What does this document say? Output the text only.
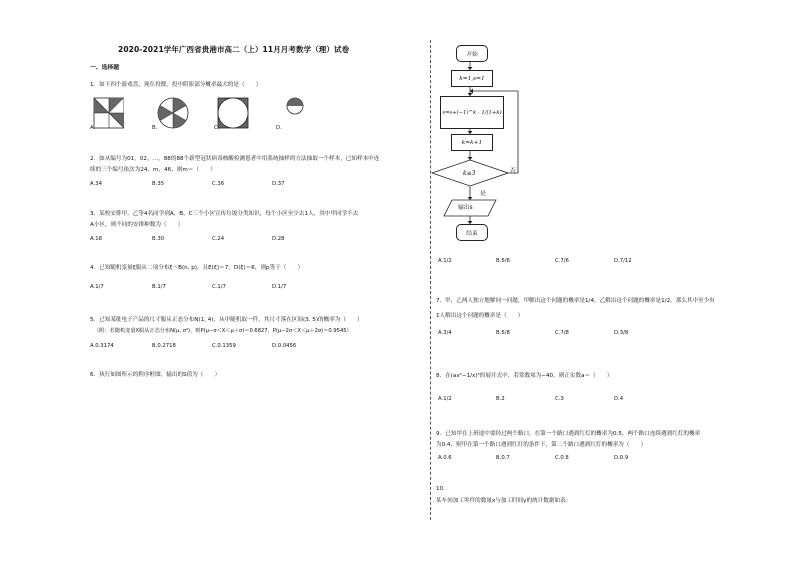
2020-2021学年广西省贵港市高二（上）11月月考数学（理）试卷
一、选择题
1．如下四个游戏盘，现在投镖，投中阴影部分概率最大的是（　　）
A.	B.	C.	D.
2．如从编号为01，02，…，88的88个新型冠状病毒核酸检测患者中用系统抽样的方法抽取一个样本，已知样本中连
续的三个编号依次为24，m，46，则m＝（　　）
A.34	B.35	C.36	D.37
3．某校安排甲、乙等4名同学到A，B，C三个小区宣传垃圾分类知识，每个小区至少去1人，其中甲同学不去
A小区，则不同的安排种数为（　　）
A.18	B.30	C.24	D.28
4．已知随机变量ξ服从二项分布ξ～B(n, p)，且E(ξ)＝7，D(ξ)＝6，则p等于（　　）
A.1/7	B.1/7	C.1/7	D.1/7
5．已知某批电子产品的尺寸服从正态分布N(1, 4)，从中随机取一件，其尺寸落在区间(3, 5)的概率为（　　）
（附：若随机变量X服从正态分布N(μ, σ²)，则P(μ−σ＜X＜μ＋σ)＝0.6827，P(μ−2σ＜X＜μ＋2σ)＝0.9545）
A.0.3174	B.0.2718	C.0.1359	D.0.0456
6．执行如图所示的程序框图，输出的S值为（　　）
开始
k=1,s=1
s=s+(−1)^k · 1/(1+k)
k=k+1
k≥3
是
否
输出s
结束
A.1/2	B.5/6	C.7/6	D.7/12
7．甲，乙两人独立地解同一问题，甲解出这个问题的概率是1/4，乙解出这个问题的概率是1/2，那么其中至少有
1人解出这个问题的概率是（　　）
A.3/4	B.5/8	C.7/8	D.3/8
8．在(ax²−1/x)⁵的展开式中，若常数项为−40，则正实数a＝（　　）
A.1/2	B.2	C.3	D.4
9．已知甲在上班途中要经过两个路口，在第一个路口遇到红灯的概率为0.5，两个路口连续遇到红灯的概率
为0.4，则甲在第一个路口遇到红灯的条件下，第二个路口遇到红灯的概率为（　　）
A.0.6	B.0.7	C.0.8	D.0.9
10．
某车间加工零件的数量x与加工时间y的统计数据如表：
